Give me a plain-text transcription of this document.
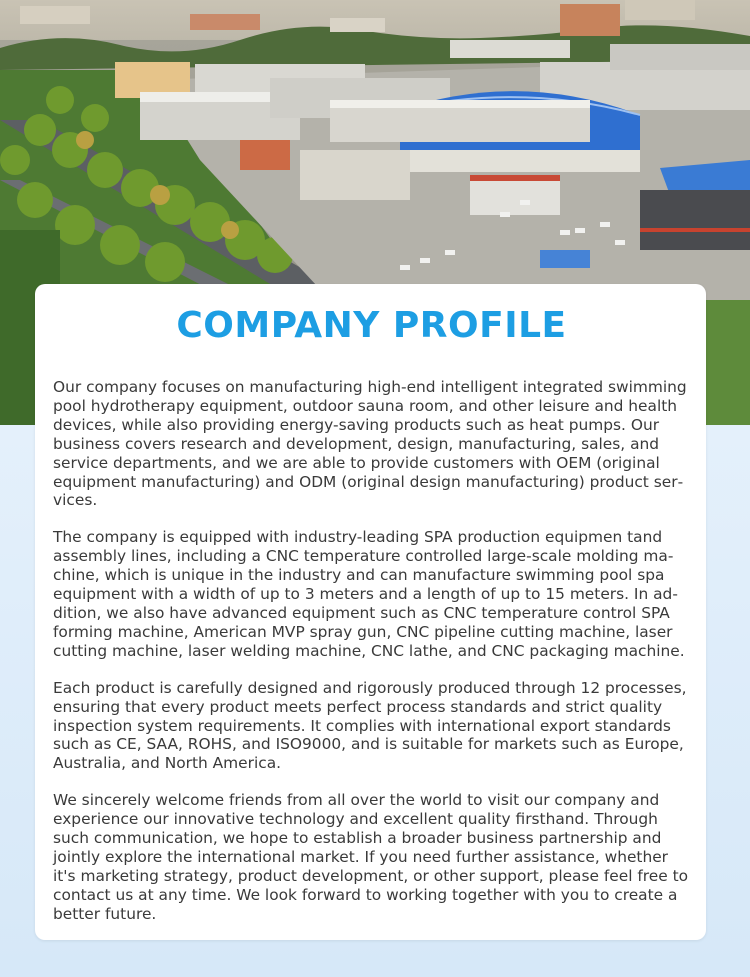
COMPANY PROFILE

Our company focuses on manufacturing high-end intelligent integrated swimming pool hydrotherapy equipment, outdoor sauna room, and other leisure and health devices, while also providing energy-saving products such as heat pumps. Our business covers research and development, design, manufacturing, sales, and service departments, and we are able to provide customers with OEM (original equipment manufacturing) and ODM (original design manufacturing) product services.

The company is equipped with industry-leading SPA production equipmen tand assembly lines, including a CNC temperature controlled large-scale molding machine, which is unique in the industry and can manufacture swimming pool spa equipment with a width of up to 3 meters and a length of up to 15 meters. In addition, we also have advanced equipment such as CNC temperature control SPA forming machine, American MVP spray gun, CNC pipeline cutting machine, laser cutting machine, laser welding machine, CNC lathe, and CNC packaging machine.

Each product is carefully designed and rigorously produced through 12 processes, ensuring that every product meets perfect process standards and strict quality inspection system requirements. It complies with international export standards such as CE, SAA, ROHS, and ISO9000, and is suitable for markets such as Europe, Australia, and North America.

We sincerely welcome friends from all over the world to visit our company and experience our innovative technology and excellent quality firsthand. Through such communication, we hope to establish a broader business partnership and jointly explore the international market. If you need further assistance, whether it's marketing strategy, product development, or other support, please feel free to contact us at any time. We look forward to working together with you to create a better future.
